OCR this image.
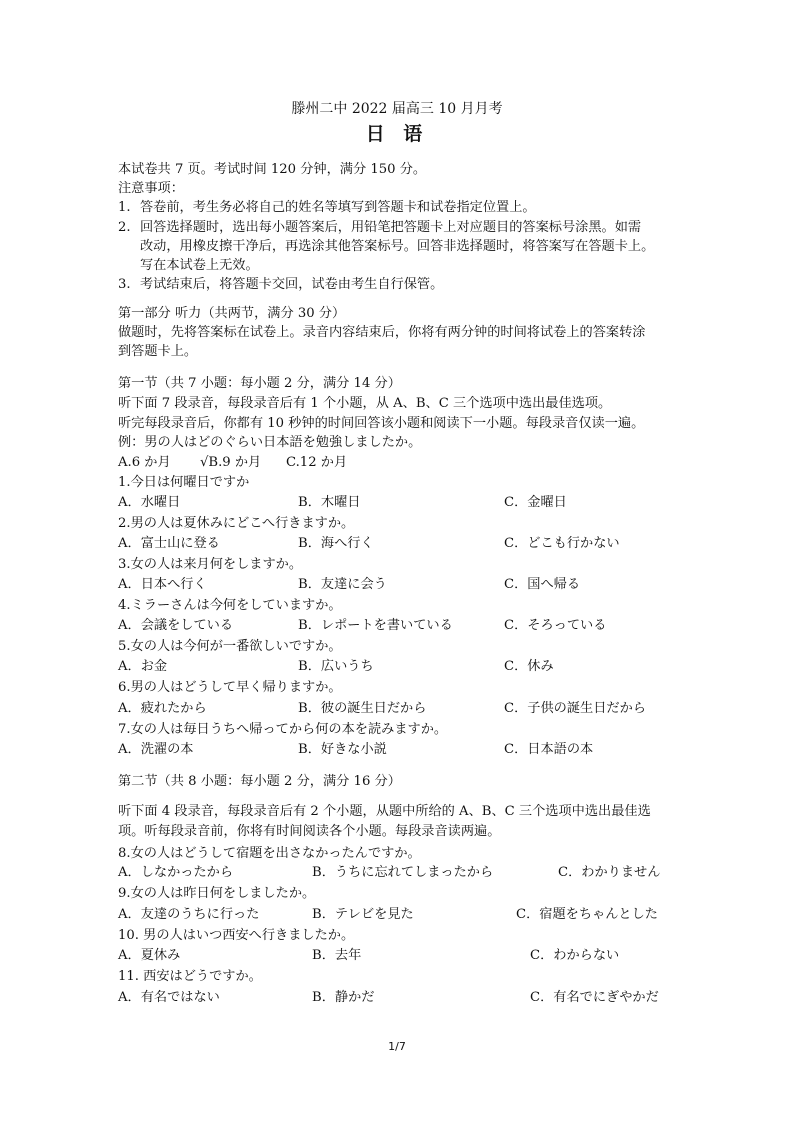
滕州二中 2022 届高三 10 月月考
日 语
本试卷共 7 页。考试时间 120 分钟，满分 150 分。
注意事项：
1. 答卷前，考生务必将自己的姓名等填写到答题卡和试卷指定位置上。
2. 回答选择题时，选出每小题答案后，用铅笔把答题卡上对应题目的答案标号涂黑。如需
改动，用橡皮擦干净后，再选涂其他答案标号。回答非选择题时，将答案写在答题卡上。
写在本试卷上无效。
3. 考试结束后，将答题卡交回，试卷由考生自行保管。
第一部分 听力（共两节，满分 30 分）
做题时，先将答案标在试卷上。录音内容结束后，你将有两分钟的时间将试卷上的答案转涂
到答题卡上。
第一节（共 7 小题：每小题 2 分，满分 14 分）
听下面 7 段录音，每段录音后有 1 个小题，从 A、B、C 三个选项中选出最佳选项。
听完每段录音后，你都有 10 秒钟的时间回答该小题和阅读下一小题。每段录音仅读一遍。
例：男の人はどのぐらい日本語を勉強しましたか。
A.6 か月 √B.9 か月 C.12 か月
1.今日は何曜日ですか
A．水曜日	B．木曜日	C．金曜日
2.男の人は夏休みにどこへ行きますか。
A．富士山に登る	B．海へ行く	C．どこも行かない
3.女の人は来月何をしますか。
A．日本へ行く	B．友達に会う	C．国へ帰る
4.ミラーさんは今何をしていますか。
A．会議をしている	B．レポートを書いている	C．そろっている
5.女の人は今何が一番欲しいですか。
A．お金	B．広いうち	C．休み
6.男の人はどうして早く帰りますか。
A．疲れたから	B．彼の誕生日だから	C．子供の誕生日だから
7.女の人は毎日うちへ帰ってから何の本を読みますか。
A．洗濯の本	B．好きな小説	C．日本語の本
第二节（共 8 小题：每小题 2 分，满分 16 分）
听下面 4 段录音，每段录音后有 2 个小题，从题中所给的 A、B、C 三个选项中选出最佳选
项。听每段录音前，你将有时间阅读各个小题。每段录音读两遍。
8.女の人はどうして宿題を出さなかったんですか。
A．しなかったから	B．うちに忘れてしまったから	C．わかりません
9.女の人は昨日何をしましたか。
A．友達のうちに行った	B．テレビを見た	C．宿題をちゃんとした
10. 男の人はいつ西安へ行きましたか。
A．夏休み	B．去年	C．わからない
11. 西安はどうですか。
A．有名ではない	B．静かだ	C．有名でにぎやかだ
1/7
